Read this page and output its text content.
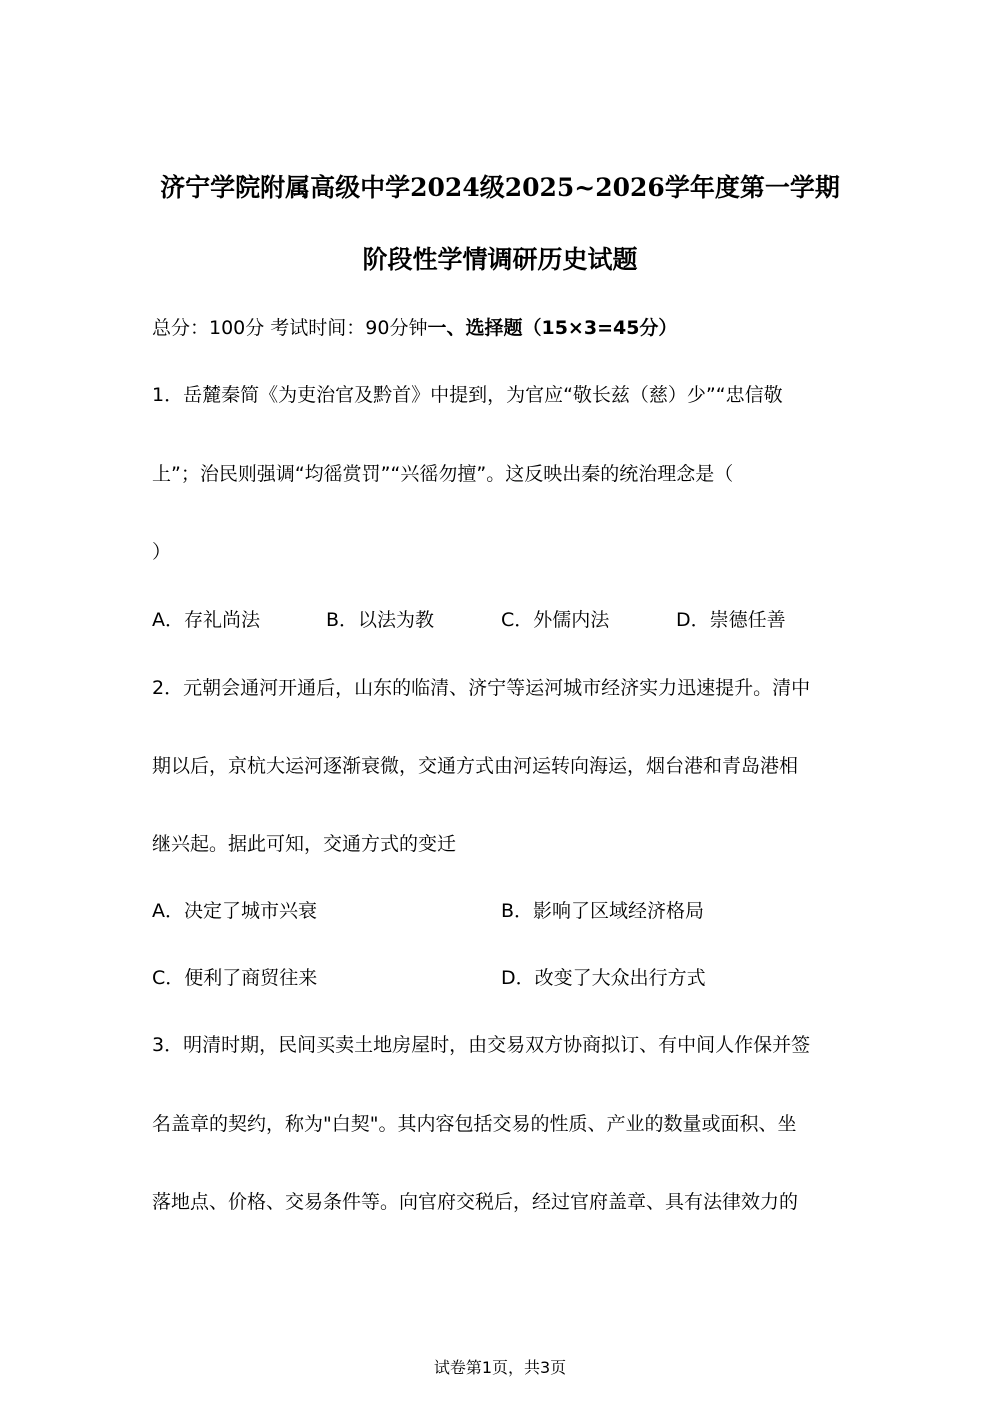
济宁学院附属高级中学2024级2025~2026学年度第一学期
阶段性学情调研历史试题
总分：100分 考试时间：90分钟一、选择题（15×3=45分）
1．岳麓秦简《为吏治官及黔首》中提到，为官应“敬长兹（慈）少”“忠信敬
上”；治民则强调“均徭赏罚”“兴徭勿擅”。这反映出秦的统治理念是（
）
A．存礼尚法	B．以法为教	C．外儒内法	D．崇德任善
2．元朝会通河开通后，山东的临清、济宁等运河城市经济实力迅速提升。清中
期以后，京杭大运河逐渐衰微，交通方式由河运转向海运，烟台港和青岛港相
继兴起。据此可知，交通方式的变迁
A．决定了城市兴衰	B．影响了区域经济格局
C．便利了商贸往来	D．改变了大众出行方式
3．明清时期，民间买卖土地房屋时，由交易双方协商拟订、有中间人作保并签
名盖章的契约，称为"白契"。其内容包括交易的性质、产业的数量或面积、坐
落地点、价格、交易条件等。向官府交税后，经过官府盖章、具有法律效力的
试卷第1页，共3页
